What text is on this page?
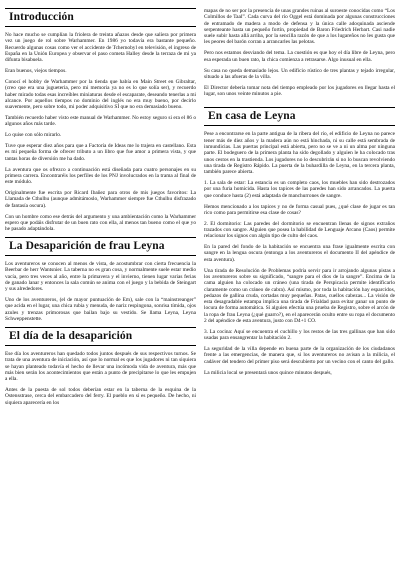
Introducción

No hace mucho se cumplían la friolera de treinta añazos desde que salíera por primera vez un juego de rol sobre Warhammer. En 1986 yo todavía era bastante pequeño. Recuerdo algunas cosas como ver el accidente de Tchernobyl en televisión, el ingreso de España en la Unión Europea y observar el paso cometa Halley desde la terraza de mi ya difunta bisabuela.

Eran buenos, viejos tiempos.

Conocí el hobby de Warhammer por la tienda que había en Main Street en Gibraltar, (creo que era una jugueteria, pero mi memoria ya no es lo que solía ser), y recuerdo haber mirado todas esas increíbles miniaturas desde el escaparate, deseando tenerlas a mi alcance. Por aquellos tiempos no dominio del inglés no era muy bueno, por decirlo suavemente, pero sobre todo, mi poder adquisitivo SÍ que no era demasiado bueno.

También recuerdo haber visto este manual de Warhammer. No estoy seguro si era el 86 o algunos años más tarde.

Lo quise con sólo mirarlo.

Tuve que esperar diez años para que a Factoría de Ideas me lo trajera en castellano. Esta es mi pequeña forma de ofrecer tributo a un libro que fue amor a primera vista, y que tantas horas de diversión me ha dado.

La aventura que os ofrezco a continuación está diseñada para cuatro personajes en su primera carrera. Encontraréis los perfiles de los PNJ involucrados en la trama al final de este módulo.

Originalmente fue escrita por Ricard Ibañez para otros de mis juegos favoritos: La Llamada de Cthulhu (aunque admitámoslo, Warhammer siempre fue Cthulhu disfrazado de fantasía oscura).

Con un hombre como ese detrás del argumento y una ambientación como la Warhammer espero que podáis disfrutar de un buen rato con ella, al menos tan bueno como el que yo he pasado adaptándola.

La Desaparición de frau Leyna

Los aventureros se conocen al menos de vista, de acostumbrar con cierta frecuencia la Beerbar de herr Wantsnier. La taberna no es gran cosa, y normalmente suele estar medio vacía, pero tres veces al año, entre la primavera y el invierno, tienen lugar varias ferias de ganado lanar y entonces la sala común se anima con el juego y la bebida de Steingart y sus alrededores.

Uno de los aventureros, (el de mayor puntuación de Em), sale con la “mainstreanger” que acida en el lugar, una chica rubia y menuda, de nariz respingona, sonrisa tímida, ojos azules y trenzas primorosas que bailan bajo su vestido. Se llama Leyna, Leyna Schweppenstette.

El día de la desaparición

Ese día los aventureros han quedado todos juntos después de sus respectivos turnos. Se trata de una aventura de iniciación, así que lo normal es que los jugadores ni tan siquiera se hayan planteado todavía el hecho de llevar una incómoda vida de aventura, más que más bien serán los acontecimientos que están a punto de precipitarse lo que les empujen a ella.

Antes de la puesta de sol todos deberían estar en la taberna de la esquina de la Ostensstrase, cerca del embarcadero del ferry. El pueblo en sí es pequeño. De hecho, ni siquiera aparecería en los

mapas de no ser por la presencia de unas grandes ruinas al suroeste conocidas como “Los Colmillos de Taal”. Cada curva del río Oggel está dominada por algunas construcciones de entramado de madera a modo de defensa y la única calle adoquinada asciende serpenteante hasta un pequeño fortín, propiedad de Baron Friedrich Herbart. Casi nadie suele subir hasta allá arriba, por la sencilla razón de que a los lugareños no les gusta que les peores del barón corran a arrancarles las pelotas.

Pero nos estamos desviando del tema. La cuestión es que hoy el día libre de Leyna, pero esa esperada un buen rato, la chica comienza a retrasarse. Algo inusual en ella.

Su casa no queda demasiado lejos. Un edificio rústico de tres plantas y tejado irregular, situado a las afueras de la villa.

El Director debería tomar nota del tiempo empleado por los jugadores en llegar hasta el lugar, son unos veinte minutos a pie.

En casa de Leyna

Pese a encontrarse en la parte antigua de la ribera del río, el edificio de Leyna no parece tener más de diez años y la madera aún no está hinchada, ni su calle está sembrada de inmundicias. Las puertas principal está abierta, pero no se ve a ni un alma por ninguna parte. El bodeguero de la primera planta ha sido degollado y alguien le ha colocado tras unos cestos en la trastienda. Los jugadores no lo descubrirán si no lo buscan revolviendo una tirada de Registro Rápido. La puerta de la buhardilla de Leyna, en la tercera planta, también parece abierta.

1. La sala de estar: La estancia es un completo caos, los muebles han sido destrozados por una furia homicida. Hasta los tapices de las paredes han sido arrancados. La puerta que conduce hasta (2) está adaptada de manchurrones de sangre.

Hemos mencionado a los tapices y no de forma casual pues, ¿qué clase de jugar es tan rico como para permitirse esa clase de cosas?

2. El dormitorio: Las paredes del dormitorio se encuentran llenas de signos extraños trazados con sangre. Alguien que posea la habilidad de Lenguaje Arcano (Caos) permite relacionar los signos con algún tipo de culto del caos.

En la pared del fondo de la habitación se encuentra una frase igualmente escrita con sangre en la lengua oscura (entonga a los aventureros el documento II del apéndice de esta aventura).

Una tirada de Resolución de Problemas podría servir para ir arrojando algunas pistas a los aventureros sobre su significado, “sangre para el dios de la sangre”. Encima de la cama alguien ha colocado un cráneo (una tirada de Perspicacia permite identificarlo claramente como un cráneo de cabra). Así mismo, por toda la habitación hay esparcidos, pedazos de gallina cruda, cortadas muy pequeñas. Patas, cuellos cabezas... La visión de esta desagradable estampa implica una tirada de Frialdad para evitar ganar un punto de locura de forma automática. Si alguien efectúa una prueba de Registro, sobre el arcón de la ropa de frau Leyna (¿qué guarro?), en el aparecerán oculto entre su ropa el documento 2 del apéndice de esta aventura, justo con D4+1 CO.

3. La cocina: Aquí se encuentra el cuchillo y los restos de las tres gallinas que han sido usadas para ensangrentar la habitación 2.

La seguridad de la villa depende en buena parte de la organización de los ciudadanos frente a las emergencias, de manera que, si los aventureros no avisan a la milicia, el cadáver del tendero del primer piso será descubierto por un vecino con el canto del gallo.

La milicia local se presentará unos quince minutos después,
